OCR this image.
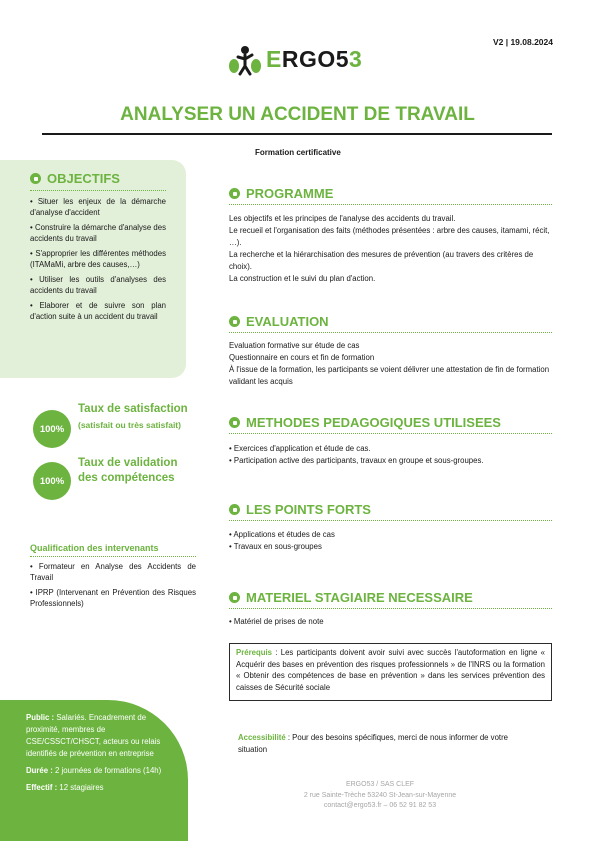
V2 | 19.08.2024
ERGO53
ANALYSER UN ACCIDENT DE TRAVAIL
Formation certificative
OBJECTIFS
• Situer les enjeux de la démarche d'analyse d'accident
• Construire la démarche d'analyse des accidents du travail
• S'approprier les différentes méthodes (ITAMaMi, arbre des causes,…)
• Utiliser les outils d'analyses des accidents du travail
• Elaborer et de suivre son plan d'action suite à un accident du travail
100%
Taux de satisfaction
(satisfait ou très satisfait)
100%
Taux de validation des compétences
Qualification des intervenants
• Formateur en Analyse des Accidents de Travail
• IPRP (Intervenant en Prévention des Risques Professionnels)

Public : Salariés. Encadrement de proximité, membres de CSE/CSSCT/CHSCT, acteurs ou relais identifiés de prévention en entreprise

Durée : 2 journées de formations (14h)

Effectif : 12 stagiaires

PROGRAMME
Les objectifs et les principes de l'analyse des accidents du travail.
Le recueil et l'organisation des faits (méthodes présentées : arbre des causes, itamami, récit, …).
La recherche et la hiérarchisation des mesures de prévention (au travers des critères de choix).
La construction et le suivi du plan d'action.
EVALUATION
Evaluation formative sur étude de cas
Questionnaire en cours et fin de formation
À l'issue de la formation, les participants se voient délivrer une attestation de fin de formation validant les acquis
METHODES PEDAGOGIQUES UTILISEES
• Exercices d'application et étude de cas.
• Participation active des participants, travaux en groupe et sous-groupes.
LES POINTS FORTS
• Applications et études de cas
• Travaux en sous-groupes
MATERIEL STAGIAIRE NECESSAIRE
• Matériel de prises de note
Prérequis : Les participants doivent avoir suivi avec succès l'autoformation en ligne « Acquérir des bases en prévention des risques professionnels » de l'INRS ou la formation « Obtenir des compétences de base en prévention » dans les services prévention des caisses de Sécurité sociale
Accessibilité : Pour des besoins spécifiques, merci de nous informer de votre situation
ERGO53 / SAS CLEF
2 rue Sainte-Trèche 53240 St-Jean-sur-Mayenne
contact@ergo53.fr – 06 52 91 82 53
